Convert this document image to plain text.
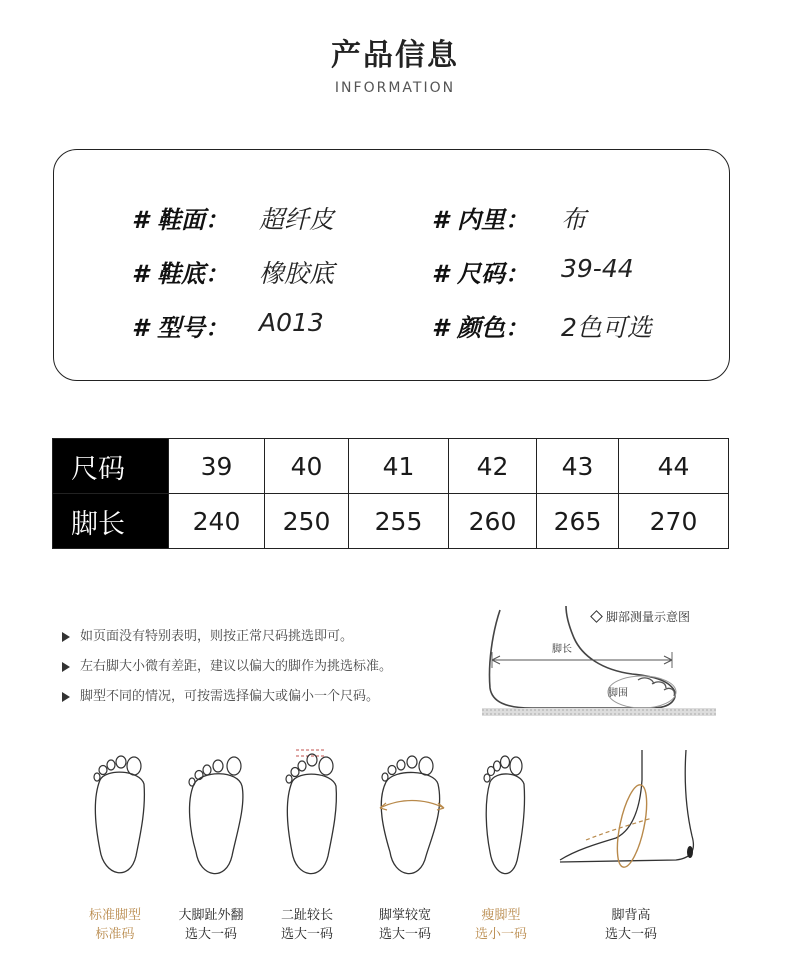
产品信息
INFORMATION
# 鞋面： 超纤皮	# 内里： 布
# 鞋底： 橡胶底	# 尺码： 39-44
# 型号： A013	# 颜色： 2色可选
尺码	39	40	41	42	43	44
脚长	240	250	255	260	265	270
如页面没有特别表明，则按正常尺码挑选即可。
左右脚大小微有差距，建议以偏大的脚作为挑选标准。
脚型不同的情况，可按需选择偏大或偏小一个尺码。
脚部测量示意图
脚长
脚围
标准脚型
标准码
大脚趾外翻
选大一码
二趾较长
选大一码
脚掌较宽
选大一码
瘦脚型
选小一码
脚背高
选大一码
